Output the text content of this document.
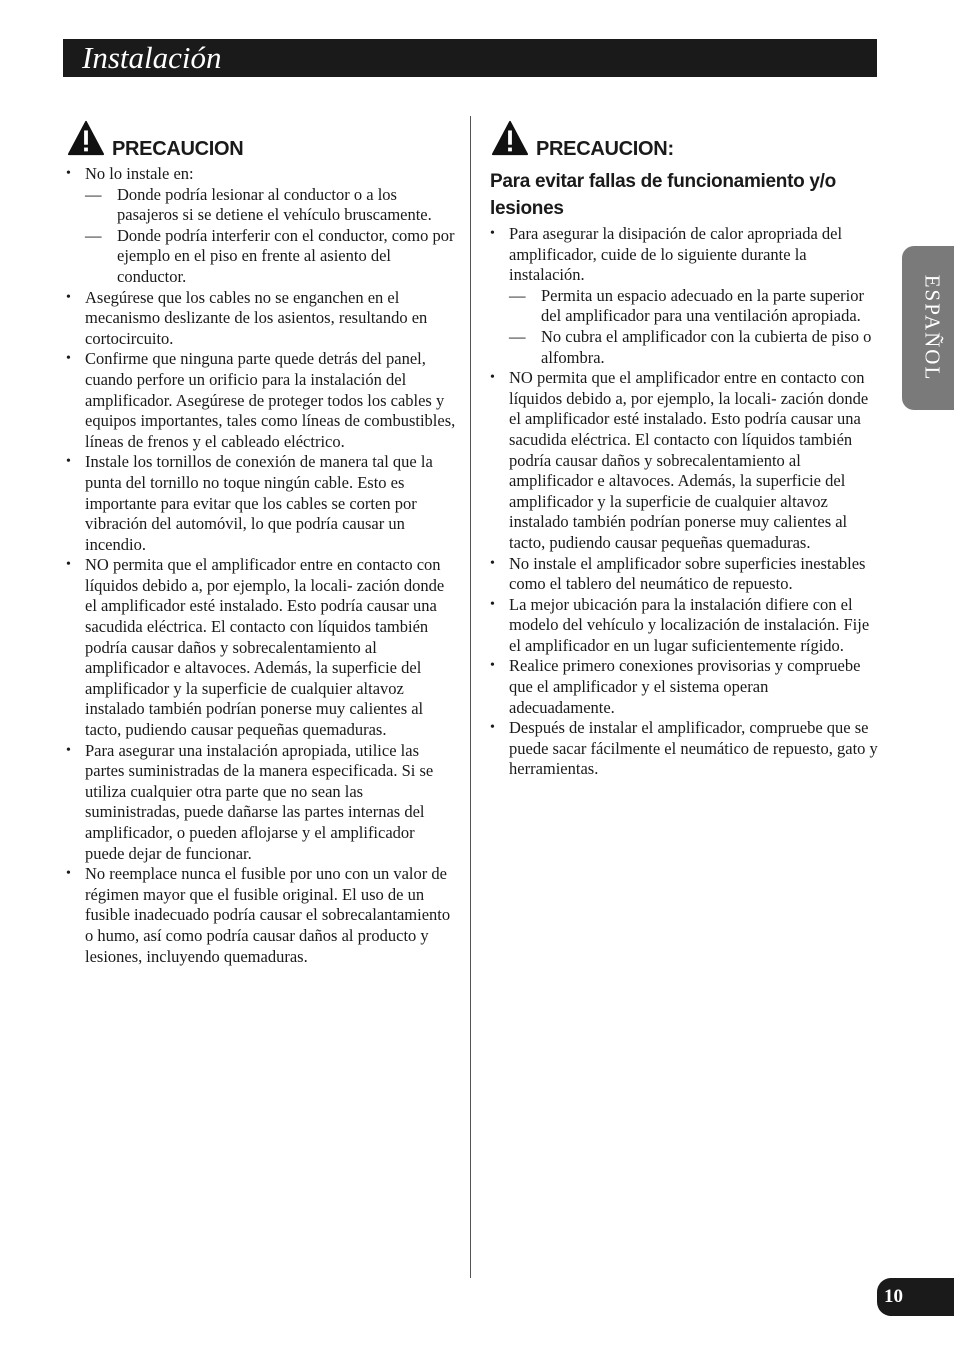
Instalación
PRECAUCION
• No lo instale en:
— Donde podría lesionar al conductor o a los pasajeros si se detiene el vehículo bruscamente.
— Donde podría interferir con el conductor, como por ejemplo en el piso en frente al asiento del conductor.
• Asegúrese que los cables no se enganchen en el mecanismo deslizante de los asientos, resultando en cortocircuito.
• Confirme que ninguna parte quede detrás del panel, cuando perfore un orificio para la instalación del amplificador. Asegúrese de proteger todos los cables y equipos importantes, tales como líneas de combustibles, líneas de frenos y el cableado eléctrico.
• Instale los tornillos de conexión de manera tal que la punta del tornillo no toque ningún cable. Esto es importante para evitar que los cables se corten por vibración del automóvil, lo que podría causar un incendio.
• NO permita que el amplificador entre en contacto con líquidos debido a, por ejemplo, la locali- zación donde el amplificador esté instalado. Esto podría causar una sacudida eléctrica. El contacto con líquidos también podría causar daños y sobrecalentamiento al amplificador e altavoces. Además, la superficie del amplificador y la superficie de cualquier altavoz instalado también podrían ponerse muy calientes al tacto, pudiendo causar pequeñas quemaduras.
• Para asegurar una instalación apropiada, utilice las partes suministradas de la manera especificada. Si se utiliza cualquier otra parte que no sean las suministradas, puede dañarse las partes internas del amplificador, o pueden aflojarse y el amplificador puede dejar de funcionar.
• No reemplace nunca el fusible por uno con un valor de régimen mayor que el fusible original. El uso de un fusible inadecuado podría causar el sobrecalantamiento o humo, así como podría causar daños al producto y lesiones, incluyendo quemaduras.
PRECAUCION:
Para evitar fallas de funcionamiento y/o lesiones
• Para asegurar la disipación de calor apropriada del amplificador, cuide de lo siguiente durante la instalación.
— Permita un espacio adecuado en la parte superior del amplificador para una ventilación apropiada.
— No cubra el amplificador con la cubierta de piso o alfombra.
• NO permita que el amplificador entre en contacto con líquidos debido a, por ejemplo, la locali- zación donde el amplificador esté instalado. Esto podría causar una sacudida eléctrica. El contacto con líquidos también podría causar daños y sobrecalentamiento al amplificador e altavoces. Además, la superficie del amplificador y la superficie de cualquier altavoz instalado también podrían ponerse muy calientes al tacto, pudiendo causar pequeñas quemaduras.
• No instale el amplificador sobre superficies inestables como el tablero del neumático de repuesto.
• La mejor ubicación para la instalación difiere con el modelo del vehículo y localización de instalación. Fije el amplificador en un lugar suficientemente rígido.
• Realice primero conexiones provisorias y compruebe que el amplificador y el sistema operan adecuadamente.
• Después de instalar el amplificador, compruebe que se puede sacar fácilmente el neumático de repuesto, gato y herramientas.
ESPAÑOL
10
